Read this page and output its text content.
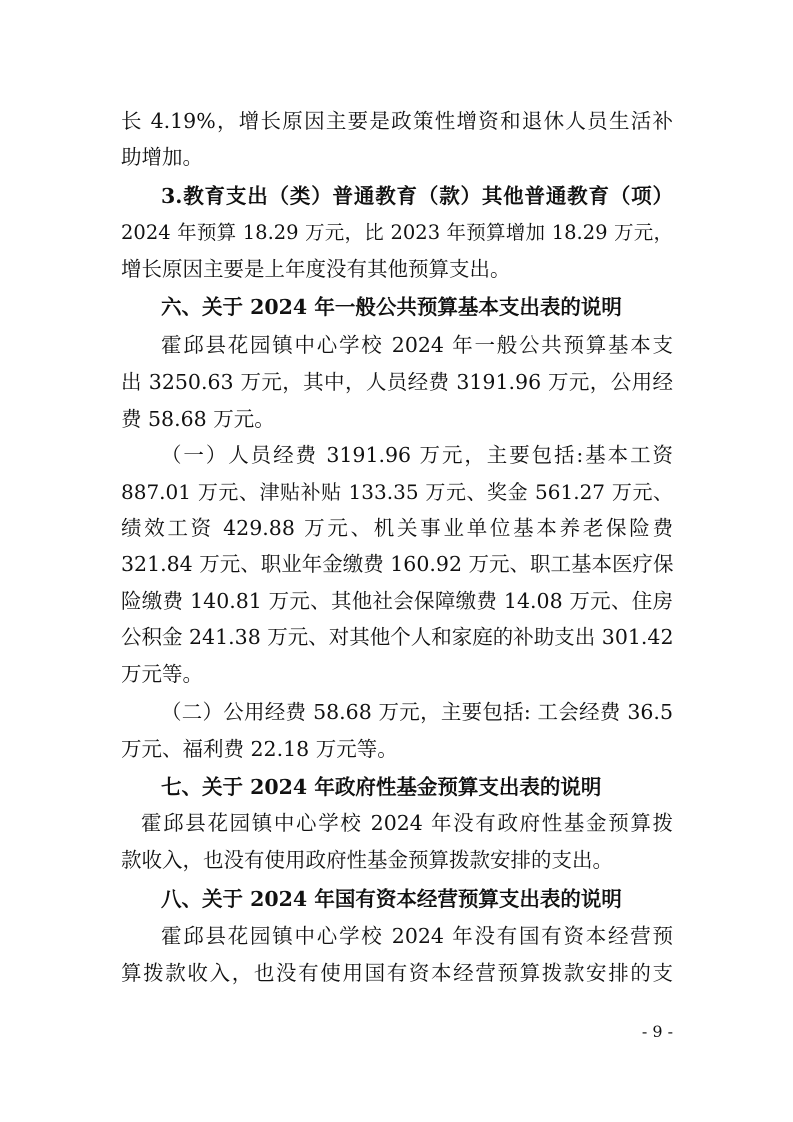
长 4.19%，增长原因主要是政策性增资和退休人员生活补
助增加。
3.教育支出（类）普通教育（款）其他普通教育（项）
2024 年预算 18.29 万元，比 2023 年预算增加 18.29 万元，
增长原因主要是上年度没有其他预算支出。
六、关于 2024 年一般公共预算基本支出表的说明
霍邱县花园镇中心学校 2024 年一般公共预算基本支
出 3250.63 万元，其中，人员经费 3191.96 万元，公用经
费 58.68 万元。
（一）人员经费 3191.96 万元，主要包括:基本工资
887.01 万元、津贴补贴 133.35 万元、奖金 561.27 万元、
绩效工资 429.88 万元、机关事业单位基本养老保险费
321.84 万元、职业年金缴费 160.92 万元、职工基本医疗保
险缴费 140.81 万元、其他社会保障缴费 14.08 万元、住房
公积金 241.38 万元、对其他个人和家庭的补助支出 301.42
万元等。
（二）公用经费 58.68 万元，主要包括: 工会经费 36.5
万元、福利费 22.18 万元等。
七、关于 2024 年政府性基金预算支出表的说明
霍邱县花园镇中心学校 2024 年没有政府性基金预算拨
款收入，也没有使用政府性基金预算拨款安排的支出。
八、关于 2024 年国有资本经营预算支出表的说明
霍邱县花园镇中心学校 2024 年没有国有资本经营预
算拨款收入，也没有使用国有资本经营预算拨款安排的支
- 9 -
